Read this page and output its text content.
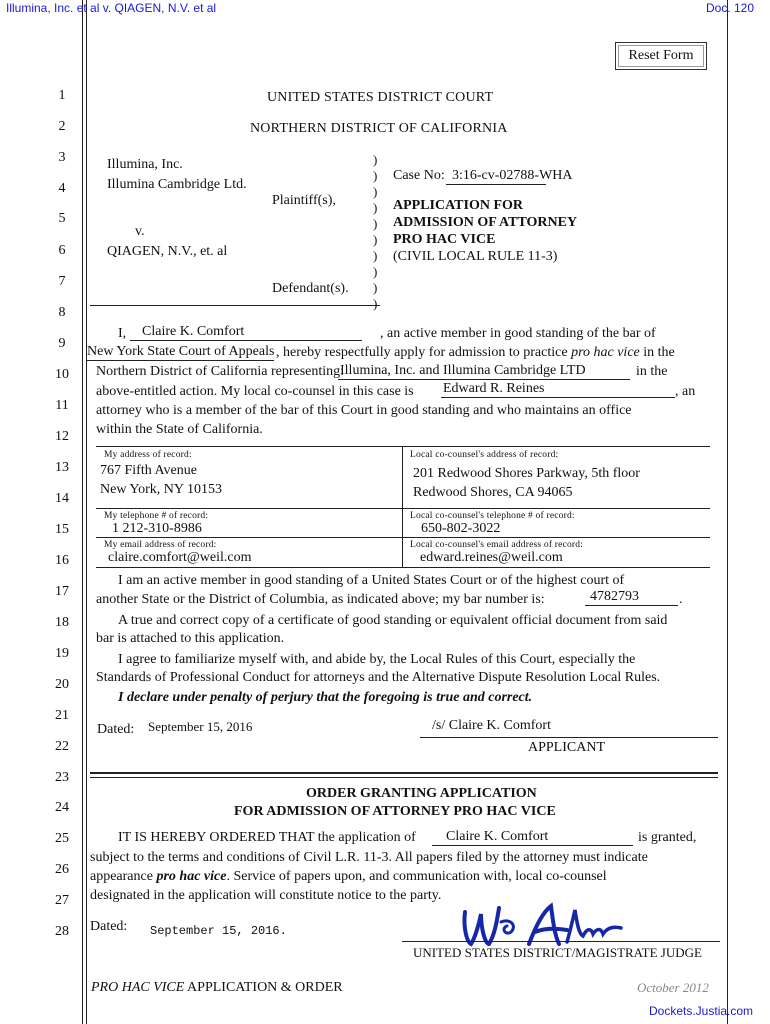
Illumina, Inc. et al v. QIAGEN, N.V. et al	Doc. 120
Reset Form
1
2
3
4
5
6
7
8
9
10
11
12
13
14
15
16
17
18
19
20
21
22
23
24
25
26
27
28
UNITED STATES DISTRICT COURT
NORTHERN DISTRICT OF CALIFORNIA
Illumina, Inc.
Illumina Cambridge Ltd.
Plaintiff(s),
v.
QIAGEN, N.V., et. al
Defendant(s).
)
)
)
)
)
)
)
)
)
)
Case No: 3:16-cv-02788-WHA
APPLICATION FOR
ADMISSION OF ATTORNEY
PRO HAC VICE
(CIVIL LOCAL RULE 11-3)
I, Claire K. Comfort	, an active member in good standing of the bar of
New York State Court of Appeals , hereby respectfully apply for admission to practice pro hac vice in the
Northern District of California representing:
Illumina, Inc. and Illumina Cambridge LTD	in the
above-entitled action. My local co-counsel in this case is Edward R. Reines	, an
attorney who is a member of the bar of this Court in good standing and who maintains an office
within the State of California.
My address of record:	Local co-counsel's address of record:
767 Fifth Avenue
New York, NY 10153
201 Redwood Shores Parkway, 5th floor
Redwood Shores, CA 94065
My telephone # of record:	Local co-counsel's telephone # of record:
1 212-310-8986	650-802-3022
My email address of record:	Local co-counsel's email address of record:
claire.comfort@weil.com	edward.reines@weil.com
I am an active member in good standing of a United States Court or of the highest court of
another State or the District of Columbia, as indicated above; my bar number is:	4782793	.
A true and correct copy of a certificate of good standing or equivalent official document from said
bar is attached to this application.
I agree to familiarize myself with, and abide by, the Local Rules of this Court, especially the
Standards of Professional Conduct for attorneys and the Alternative Dispute Resolution Local Rules.
I declare under penalty of perjury that the foregoing is true and correct.
Dated: September 15, 2016	/s/ Claire K. Comfort
APPLICANT
ORDER GRANTING APPLICATION
FOR ADMISSION OF ATTORNEY PRO HAC VICE
IT IS HEREBY ORDERED THAT the application of Claire K. Comfort	is granted,
subject to the terms and conditions of Civil L.R. 11-3. All papers filed by the attorney must indicate
appearance pro hac vice. Service of papers upon, and communication with, local co-counsel
designated in the application will constitute notice to the party.
Dated: September 15, 2016.
UNITED STATES DISTRICT/MAGISTRATE JUDGE
PRO HAC VICE APPLICATION & ORDER	October 2012
Dockets.Justia.com
